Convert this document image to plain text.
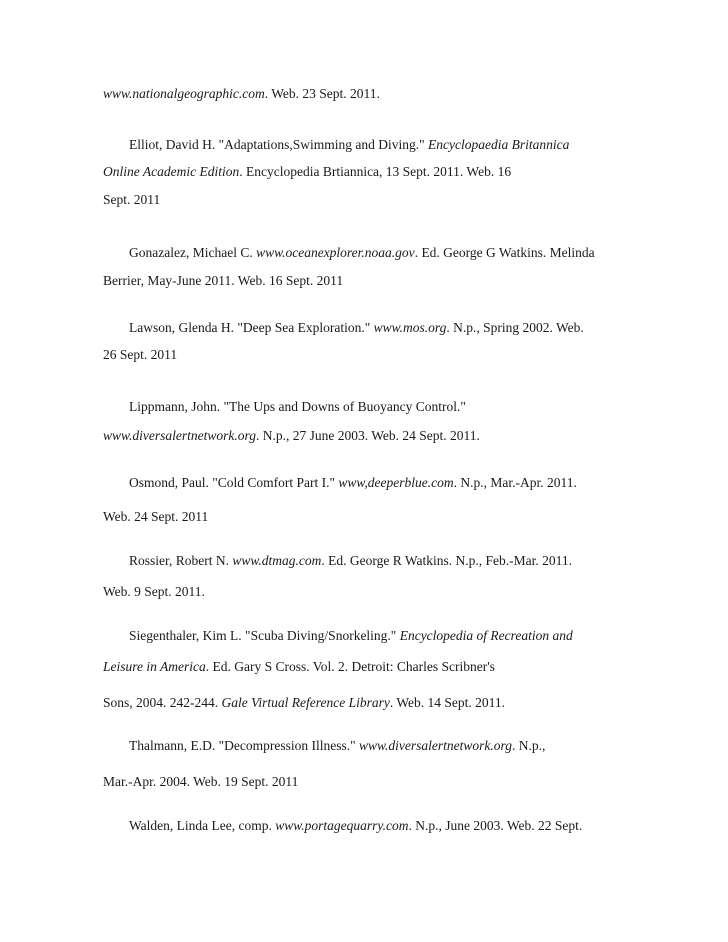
www.nationalgeographic.com. Web. 23 Sept. 2011.
Elliot, David H. "Adaptations,Swimming and Diving." Encyclopaedia Britannica
Online Academic Edition. Encyclopedia Brtiannica, 13 Sept. 2011. Web. 16
Sept. 2011
Gonazalez, Michael C. www.oceanexplorer.noaa.gov. Ed. George G Watkins. Melinda
Berrier, May-June 2011. Web. 16 Sept. 2011
Lawson, Glenda H. "Deep Sea Exploration." www.mos.org. N.p., Spring 2002. Web.
26 Sept. 2011
Lippmann, John. "The Ups and Downs of Buoyancy Control."
www.diversalertnetwork.org. N.p., 27 June 2003. Web. 24 Sept. 2011.
Osmond, Paul. "Cold Comfort Part I." www,deeperblue.com. N.p., Mar.-Apr. 2011.
Web. 24 Sept. 2011
Rossier, Robert N. www.dtmag.com. Ed. George R Watkins. N.p., Feb.-Mar. 2011.
Web. 9 Sept. 2011.
Siegenthaler, Kim L. "Scuba Diving/Snorkeling." Encyclopedia of Recreation and
Leisure in America. Ed. Gary S Cross. Vol. 2. Detroit: Charles Scribner's
Sons, 2004. 242-244. Gale Virtual Reference Library. Web. 14 Sept. 2011.
Thalmann, E.D. "Decompression Illness." www.diversalertnetwork.org. N.p.,
Mar.-Apr. 2004. Web. 19 Sept. 2011
Walden, Linda Lee, comp. www.portagequarry.com. N.p., June 2003. Web. 22 Sept.
